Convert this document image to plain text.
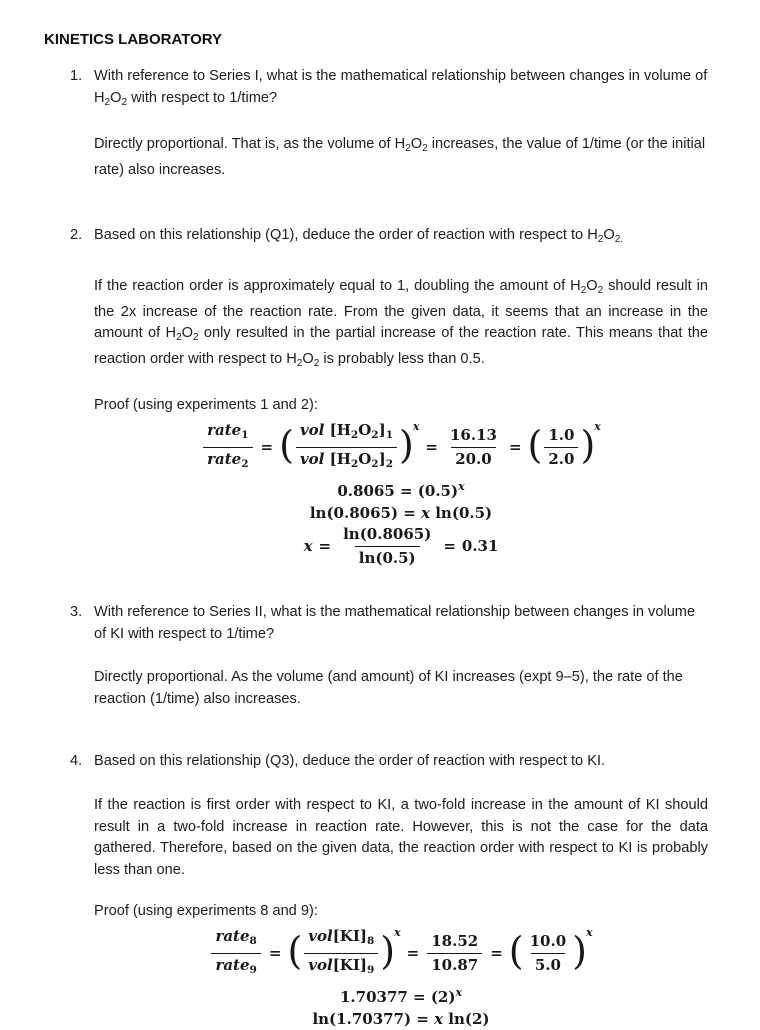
KINETICS LABORATORY
1. With reference to Series I, what is the mathematical relationship between changes in volume of $H_2O_2$ with respect to 1/time?

Directly proportional. That is, as the volume of $H_2O_2$ increases, the value of 1/time (or the initial rate) also increases.

2. Based on this relationship (Q1), deduce the order of reaction with respect to $H_2O_{2.}$

If the reaction order is approximately equal to 1, doubling the amount of $H_2O_2$ should result in the 2x increase of the reaction rate. From the given data, it seems that an increase in the amount of $H_2O_2$ only resulted in the partial increase of the reaction rate. This means that the reaction order with respect to $H_2O_2$ is probably less than 0.5.

Proof (using experiments 1 and 2):

$\frac{rate_1}{rate_2}$ = ( $\frac{vol [H_2O_2]_1}{vol [H_2O_2]_2}$ ) x
= $\frac{16.13}{20.0}$ = ( $\frac{1.0}{2.0}$ ) x
$0.8065 = (0.5)^x$
ln(0.8065) = x ln(0.5)
$x = \frac{\ln(0.8065)}{\ln(0.5)} = 0.31$
3. With reference to Series II, what is the mathematical relationship between changes in volume of KI with respect to 1/time?

Directly proportional. As the volume (and amount) of KI increases (expt 9–5), the rate of the reaction (1/time) also increases.

4. Based on this relationship (Q3), deduce the order of reaction with respect to KI.

If the reaction is first order with respect to KI, a two-fold increase in the amount of KI should result in a two-fold increase in reaction rate. However, this is not the case for the data gathered. Therefore, based on the given data, the reaction order with respect to KI is probably less than one.

Proof (using experiments 8 and 9):

$\frac{rate_8}{rate_9}$ = ( $\frac{vol[KI]_8}{vol[KI]_9}$ ) x
= $\frac{18.52}{10.87}$ = ( $\frac{10.0}{5.0}$ ) x
$1.70377 = (2)^x$
ln(1.70377) = x ln(2)
